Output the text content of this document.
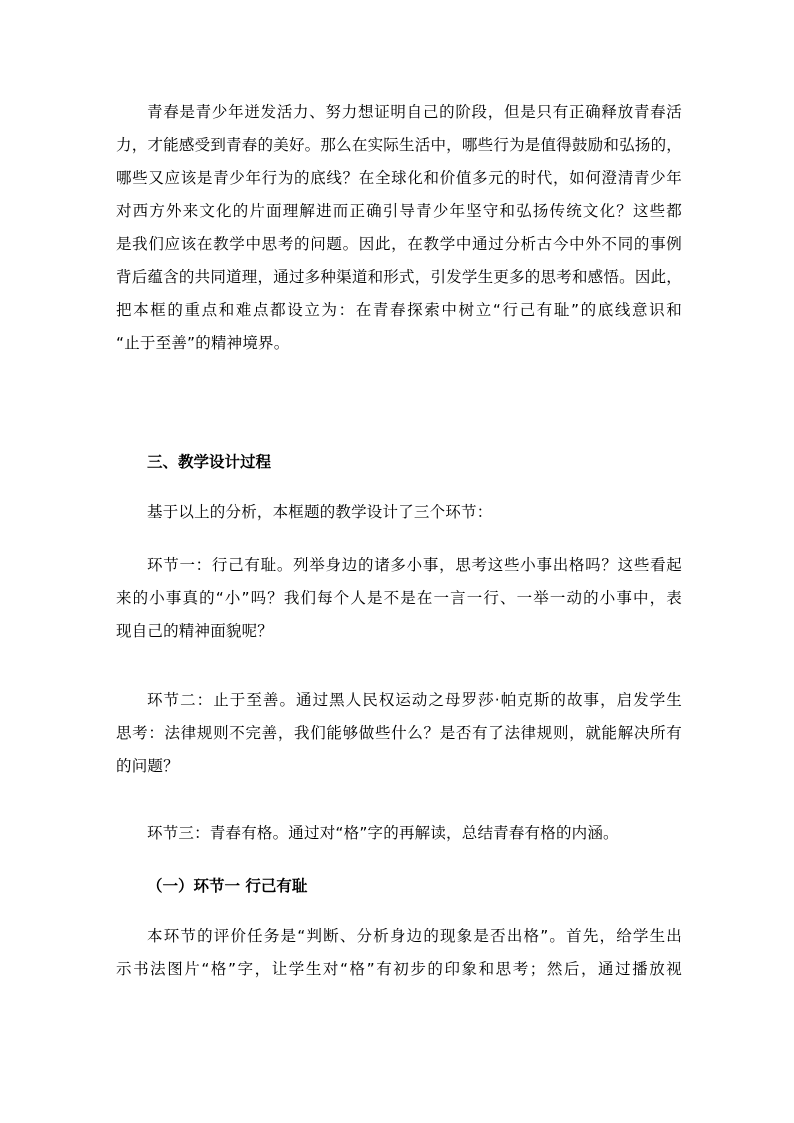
青春是青少年迸发活力、努力想证明自己的阶段，但是只有正确释放青春活
力，才能感受到青春的美好。那么在实际生活中，哪些行为是值得鼓励和弘扬的，
哪些又应该是青少年行为的底线？在全球化和价值多元的时代，如何澄清青少年
对西方外来文化的片面理解进而正确引导青少年坚守和弘扬传统文化？这些都
是我们应该在教学中思考的问题。因此，在教学中通过分析古今中外不同的事例
背后蕴含的共同道理，通过多种渠道和形式，引发学生更多的思考和感悟。因此，
把本框的重点和难点都设立为：在青春探索中树立“行己有耻”的底线意识和
“止于至善”的精神境界。
三、教学设计过程
基于以上的分析，本框题的教学设计了三个环节：
环节一：行己有耻。列举身边的诸多小事，思考这些小事出格吗？这些看起
来的小事真的“小”吗？我们每个人是不是在一言一行、一举一动的小事中，表
现自己的精神面貌呢？
环节二：止于至善。通过黑人民权运动之母罗莎·帕克斯的故事，启发学生
思考：法律规则不完善，我们能够做些什么？是否有了法律规则，就能解决所有
的问题？
环节三：青春有格。通过对“格”字的再解读，总结青春有格的内涵。
（一）环节一 行己有耻
本环节的评价任务是“判断、分析身边的现象是否出格”。首先，给学生出
示书法图片“格”字，让学生对“格”有初步的印象和思考；然后，通过播放视
